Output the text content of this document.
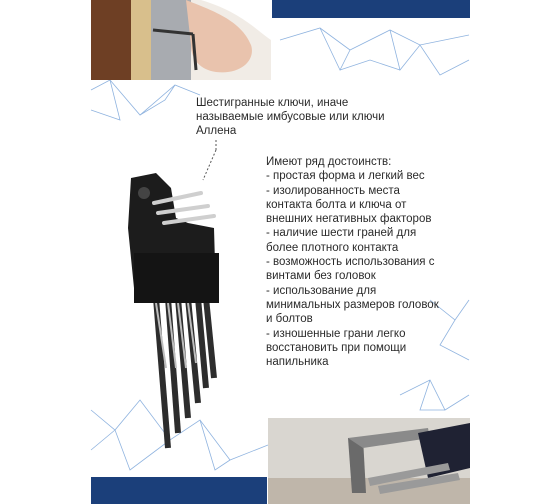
Шестигранные ключи, иначе
называемые имбусовые или ключи
Аллена
Имеют ряд достоинств:
- простая форма и легкий вес
- изолированность места
контакта болта и ключа от
внешних негативных факторов
- наличие шести граней для
более плотного контакта
- возможность использования с
винтами без головок
- использование для
минимальных размеров головок
и болтов
- изношенные грани легко
восстановить при помощи
напильника
